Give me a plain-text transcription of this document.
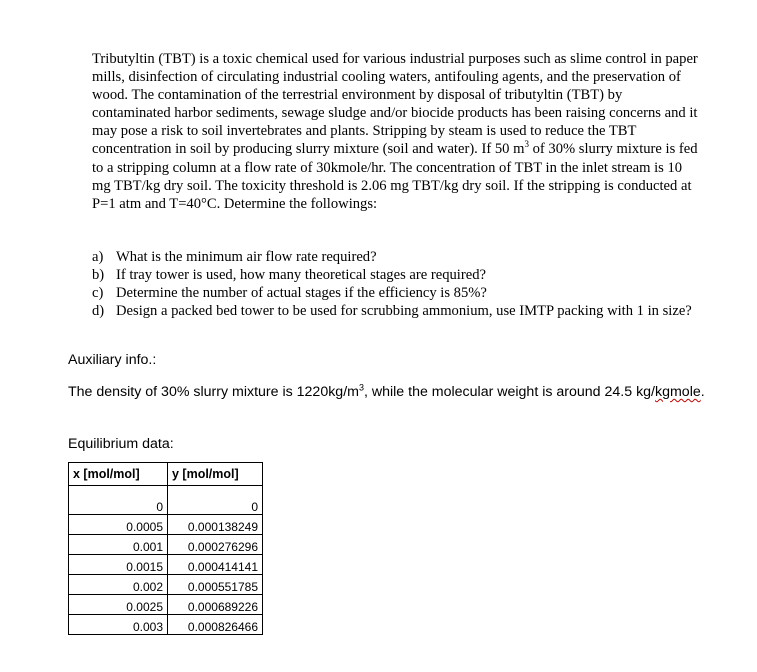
Tributyltin (TBT) is a toxic chemical used for various industrial purposes such as slime control in paper mills, disinfection of circulating industrial cooling waters, antifouling agents, and the preservation of wood. The contamination of the terrestrial environment by disposal of tributyltin (TBT) by contaminated harbor sediments, sewage sludge and/or biocide products has been raising concerns and it may pose a risk to soil invertebrates and plants. Stripping by steam is used to reduce the TBT concentration in soil by producing slurry mixture (soil and water). If 50 $m^3$ of 30% slurry mixture is fed to a stripping column at a flow rate of 30kmole/hr. The concentration of TBT in the inlet stream is 10 mg TBT/kg dry soil. The toxicity threshold is 2.06 mg TBT/kg dry soil. If the stripping is conducted at P=1 atm and T=40°C. Determine the followings:

a) What is the minimum air flow rate required?
b) If tray tower is used, how many theoretical stages are required?
c) Determine the number of actual stages if the efficiency is 85%?
d) Design a packed bed tower to be used for scrubbing ammonium, use IMTP packing with 1 in size?
Auxiliary info.:
The density of 30% slurry mixture is $1220kg/m^3$, while the molecular weight is around 24.5 kg/kgmole.
Equilibrium data:
x [mol/mol]	y [mol/mol]

0	0
0.0005	0.000138249
0.001	0.000276296
0.0015	0.000414141
0.002	0.000551785
0.0025	0.000689226
0.003	0.000826466
